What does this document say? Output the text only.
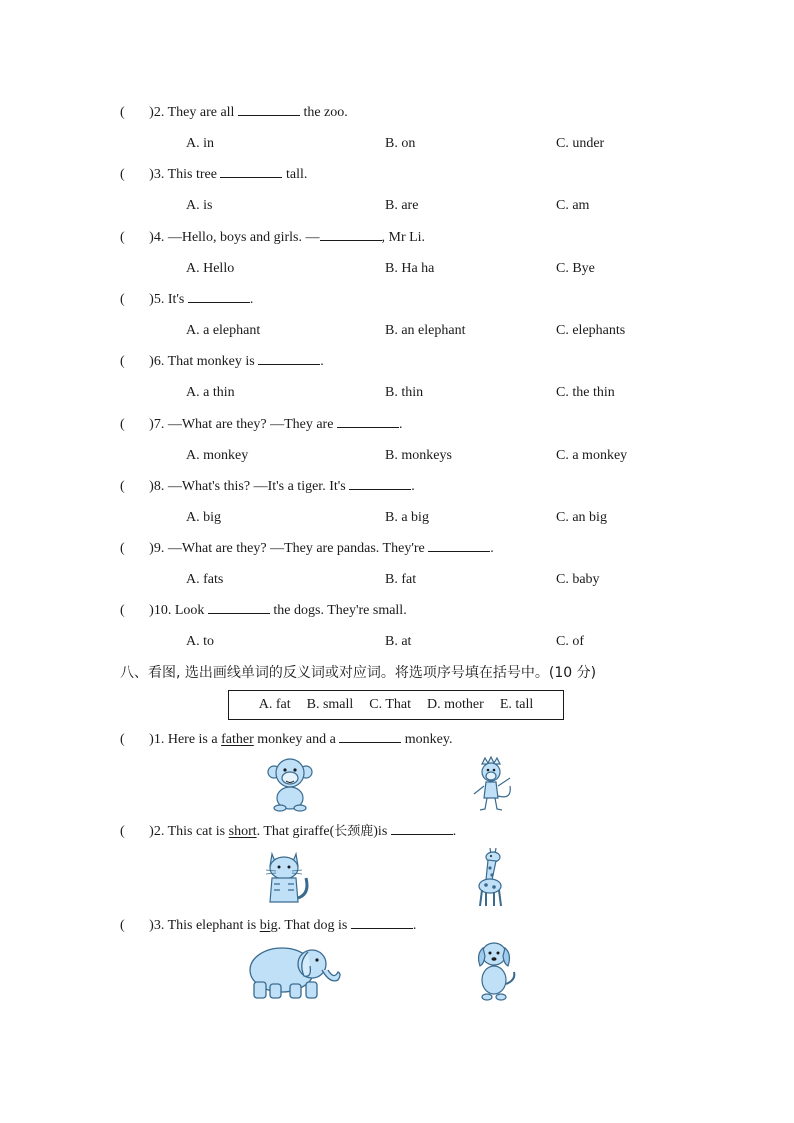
( )2. They are all	the zoo.
A. in	B. on	C. under
( )3. This tree	tall.
A. is	B. are	C. am
( )4. —Hello, boys and girls. —	, Mr Li.
A. Hello	B. Ha ha	C. Bye
( )5. It's	.
A. a elephant	B. an elephant	C. elephants
( )6. That monkey is	.
A. a thin	B. thin	C. the thin
( )7. —What are they? —They are	.
A. monkey	B. monkeys	C. a monkey
( )8. —What's this? —It's a tiger. It's	.
A. big	B. a big	C. an big
( )9. —What are they? —They are pandas. They're	.
A. fats	B. fat	C. baby
( )10. Look	the dogs. They're small.
A. to	B. at	C. of
八、看图, 选出画线单词的反义词或对应词。将选项序号填在括号中。(10 分)
A. fat B. small C. That D. mother E. tall
(       )1. Here is a father monkey and a	monkey.
(       )2. This cat is short. That giraffe(长颈鹿)is	.
(       )3. This elephant is big. That dog is	.
